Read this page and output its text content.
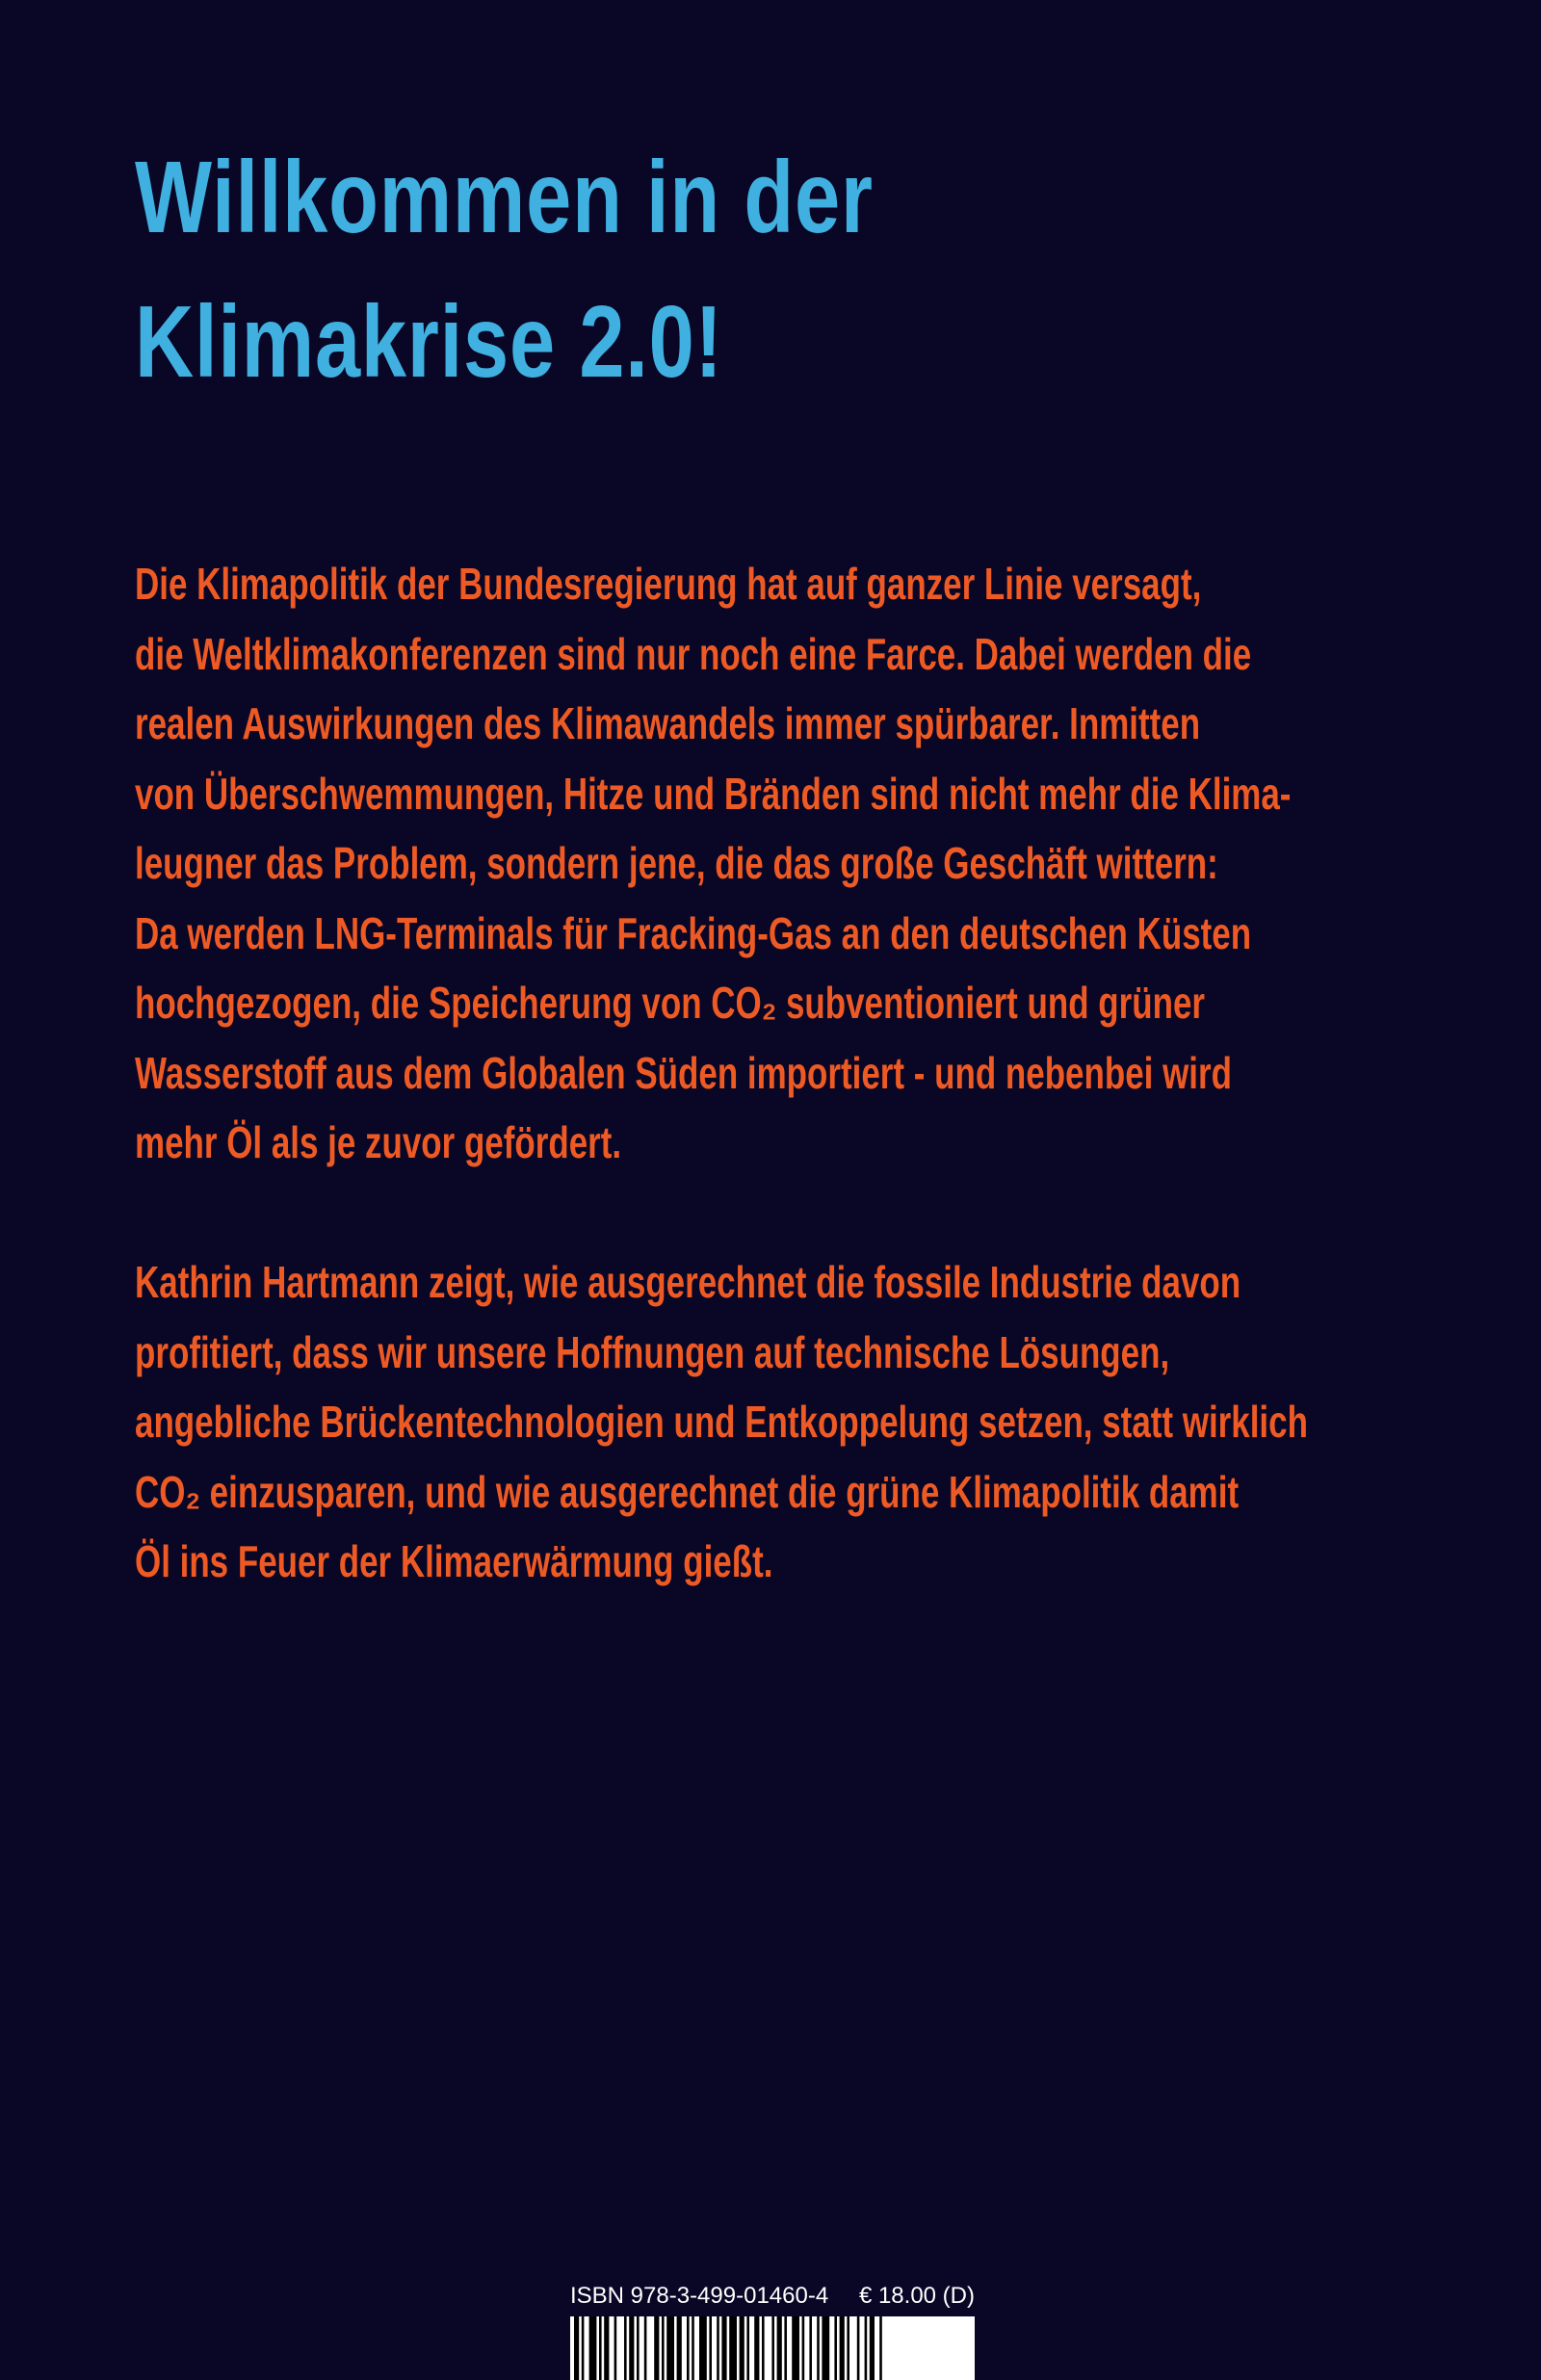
Willkommen in der
Klimakrise 2.0!
Die Klimapolitik der Bundesregierung hat auf ganzer Linie versagt,
die Weltklimakonferenzen sind nur noch eine Farce. Dabei werden die
realen Auswirkungen des Klimawandels immer spürbarer. Inmitten
von Überschwemmungen, Hitze und Bränden sind nicht mehr die Klima-
leugner das Problem, sondern jene, die das große Geschäft wittern:
Da werden LNG-Terminals für Fracking-Gas an den deutschen Küsten
hochgezogen, die Speicherung von CO₂ subventioniert und grüner
Wasserstoff aus dem Globalen Süden importiert - und nebenbei wird
mehr Öl als je zuvor gefördert.
Kathrin Hartmann zeigt, wie ausgerechnet die fossile Industrie davon
profitiert, dass wir unsere Hoffnungen auf technische Lösungen,
angebliche Brückentechnologien und Entkoppelung setzen, statt wirklich
CO₂ einzusparen, und wie ausgerechnet die grüne Klimapolitik damit
Öl ins Feuer der Klimaerwärmung gießt.
ISBN 978-3-499-01460-4 € 18.00 (D)
